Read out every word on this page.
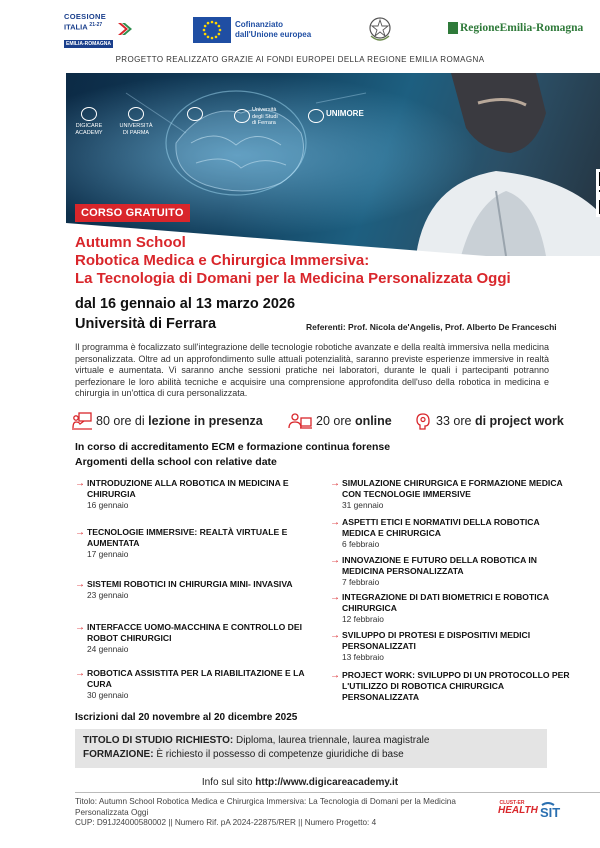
COESIONE
ITALIA $^{21-27}$
EMILIA-ROMAGNA
Cofinanziato
dall'Unione europea
RegioneEmilia-Romagna
PROGETTO REALIZZATO GRAZIE AI FONDI EUROPEI DELLA REGIONE EMILIA ROMAGNA
DIGICARE
ACADEMY
UNIVERSITÀ
DI PARMA
Università
degli Studi
di Ferrara
UNIMORE
CORSO GRATUITO
Autumn School
Robotica Medica e Chirurgica Immersiva:
La Tecnologia di Domani per la Medicina Personalizzata Oggi
dal 16 gennaio al 13 marzo 2026
Università di Ferrara	Referenti: Prof. Nicola de'Angelis, Prof. Alberto De Franceschi
Il programma è focalizzato sull'integrazione delle tecnologie robotiche avanzate e della realtà immersiva nella medicina personalizzata. Oltre ad un approfondimento sulle attuali potenzialità, saranno previste esperienze immersive in realtà virtuale e aumentata. Vi saranno anche sessioni pratiche nei laboratori, durante le quali i partecipanti potranno perfezionare le loro abilità tecniche e acquisire una comprensione approfondita dell'uso della robotica in medicina e chirurgia in un'ottica di cura personalizzata.
80 ore di
lezione in presenza	20 ore
online	33 ore
di project work
In corso di accreditamento ECM e formazione continua forense
Argomenti della school con relative date
→ INTRODUZIONE ALLA ROBOTICA IN MEDICINA E CHIRURGIA
16 gennaio
→ TECNOLOGIE IMMERSIVE: REALTÀ VIRTUALE E AUMENTATA
17 gennaio
→ SISTEMI ROBOTICI IN CHIRURGIA MINI- INVASIVA
23 gennaio
→ INTERFACCE UOMO-MACCHINA E CONTROLLO DEI ROBOT CHIRURGICI
24 gennaio
→ ROBOTICA ASSISTITA PER LA RIABILITAZIONE E LA CURA
30 gennaio
→ SIMULAZIONE CHIRURGICA E FORMAZIONE MEDICA CON TECNOLOGIE IMMERSIVE
31 gennaio
→ ASPETTI ETICI E NORMATIVI DELLA ROBOTICA MEDICA E CHIRURGICA
6 febbraio
→ INNOVAZIONE E FUTURO DELLA ROBOTICA IN MEDICINA PERSONALIZZATA
7 febbraio
→ INTEGRAZIONE DI DATI BIOMETRICI E ROBOTICA CHIRURGICA
12 febbraio
→ SVILUPPO DI PROTESI E DISPOSITIVI MEDICI PERSONALIZZATI
13 febbraio
→ PROJECT WORK: SVILUPPO DI UN PROTOCOLLO PER L'UTILIZZO DI ROBOTICA CHIRURGICA PERSONALIZZATA
Iscrizioni dal 20 novembre al 20 dicembre 2025
TITOLO DI STUDIO RICHIESTO: Diploma, laurea triennale, laurea magistrale
FORMAZIONE: È richiesto il possesso di competenze giuridiche di base
Info sul sito http://www.digicareacademy.it
Titolo: Autumn School Robotica Medica e Chirurgica Immersiva: La Tecnologia di Domani per la Medicina Personalizzata Oggi
CUP: D91J24000580002 || Numero Rif. pA 2024-22875/RER || Numero Progetto: 4
CLUST-ER
HEALTH SIT
